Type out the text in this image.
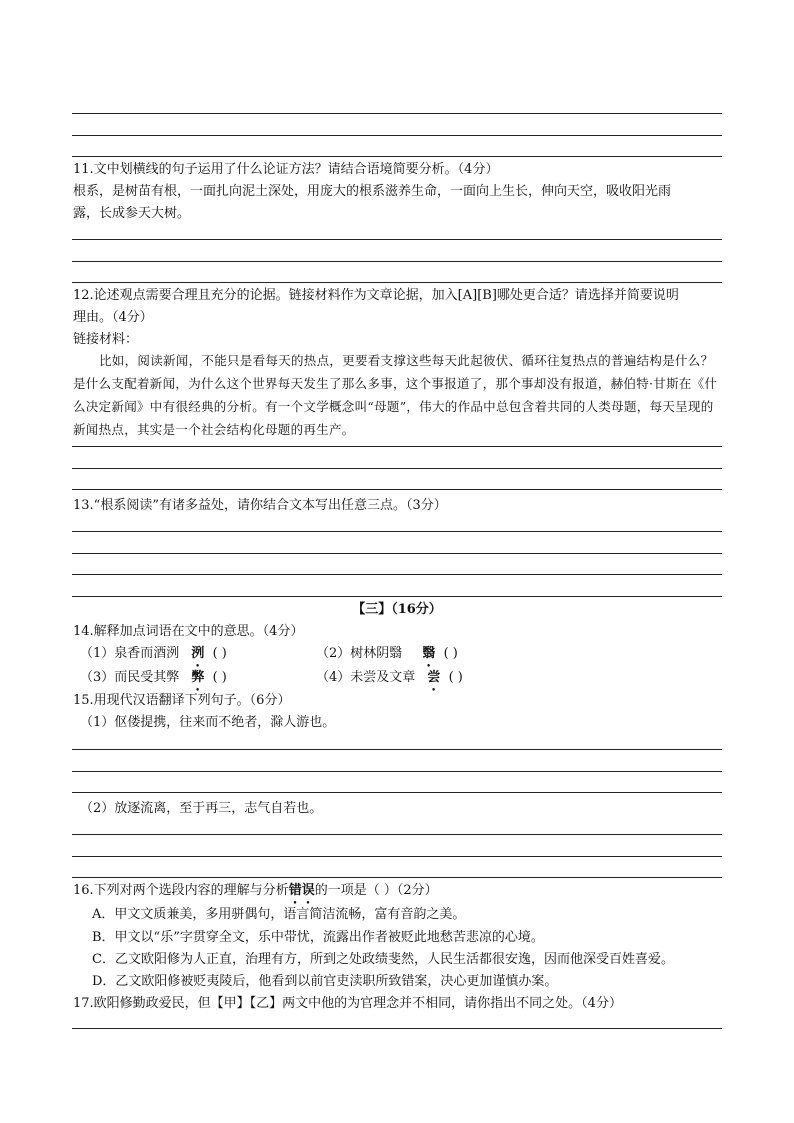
11.文中划横线的句子运用了什么论证方法？请结合语境简要分析。（4分）
根系，是树苗有根，一面扎向泥土深处，用庞大的根系滋养生命，一面向上生长，伸向天空，吸收阳光雨
露，长成参天大树。
12.论述观点需要合理且充分的论据。链接材料作为文章论据，加入[A][B]哪处更合适？请选择并简要说明
理由。（4分）
链接材料：

比如，阅读新闻，不能只是看每天的热点，更要看支撑这些每天此起彼伏、循环往复热点的普遍结构是什么？是什么支配着新闻，为什么这个世界每天发生了那么多事，这个事报道了，那个事却没有报道，赫伯特·甘斯在《什么决定新闻》中有很经典的分析。有一个文学概念叫“母题”，伟大的作品中总包含着共同的人类母题，每天呈现的新闻热点，其实是一个社会结构化母题的再生产。

13.“根系阅读”有诸多益处，请你结合文本写出任意三点。（3分）
【三】（16分）
14.解释加点词语在文中的意思。（4分）
（1）泉香而酒洌 洌 ( )	（2）树林阴翳 翳 ( )
（3）而民受其弊 弊 ( )	（4）未尝及文章 尝 ( )
15.用现代汉语翻译下列句子。（6分）
（1）伛偻提携，往来而不绝者，滁人游也。
（2）放逐流离，至于再三，志气自若也。
16.下列对两个选段内容的理解与分析错误的一项是（ ）（2分）
A．甲文文质兼美，多用骈偶句，语言简洁流畅，富有音韵之美。
B．甲文以“乐”字贯穿全文，乐中带忧，流露出作者被贬此地愁苦悲凉的心境。
C．乙文欧阳修为人正直，治理有方，所到之处政绩斐然，人民生活都很安逸，因而他深受百姓喜爱。
D．乙文欧阳修被贬夷陵后，他看到以前官吏渎职所致错案，决心更加谨慎办案。
17.欧阳修勤政爱民，但【甲】【乙】两文中他的为官理念并不相同，请你指出不同之处。（4分）
